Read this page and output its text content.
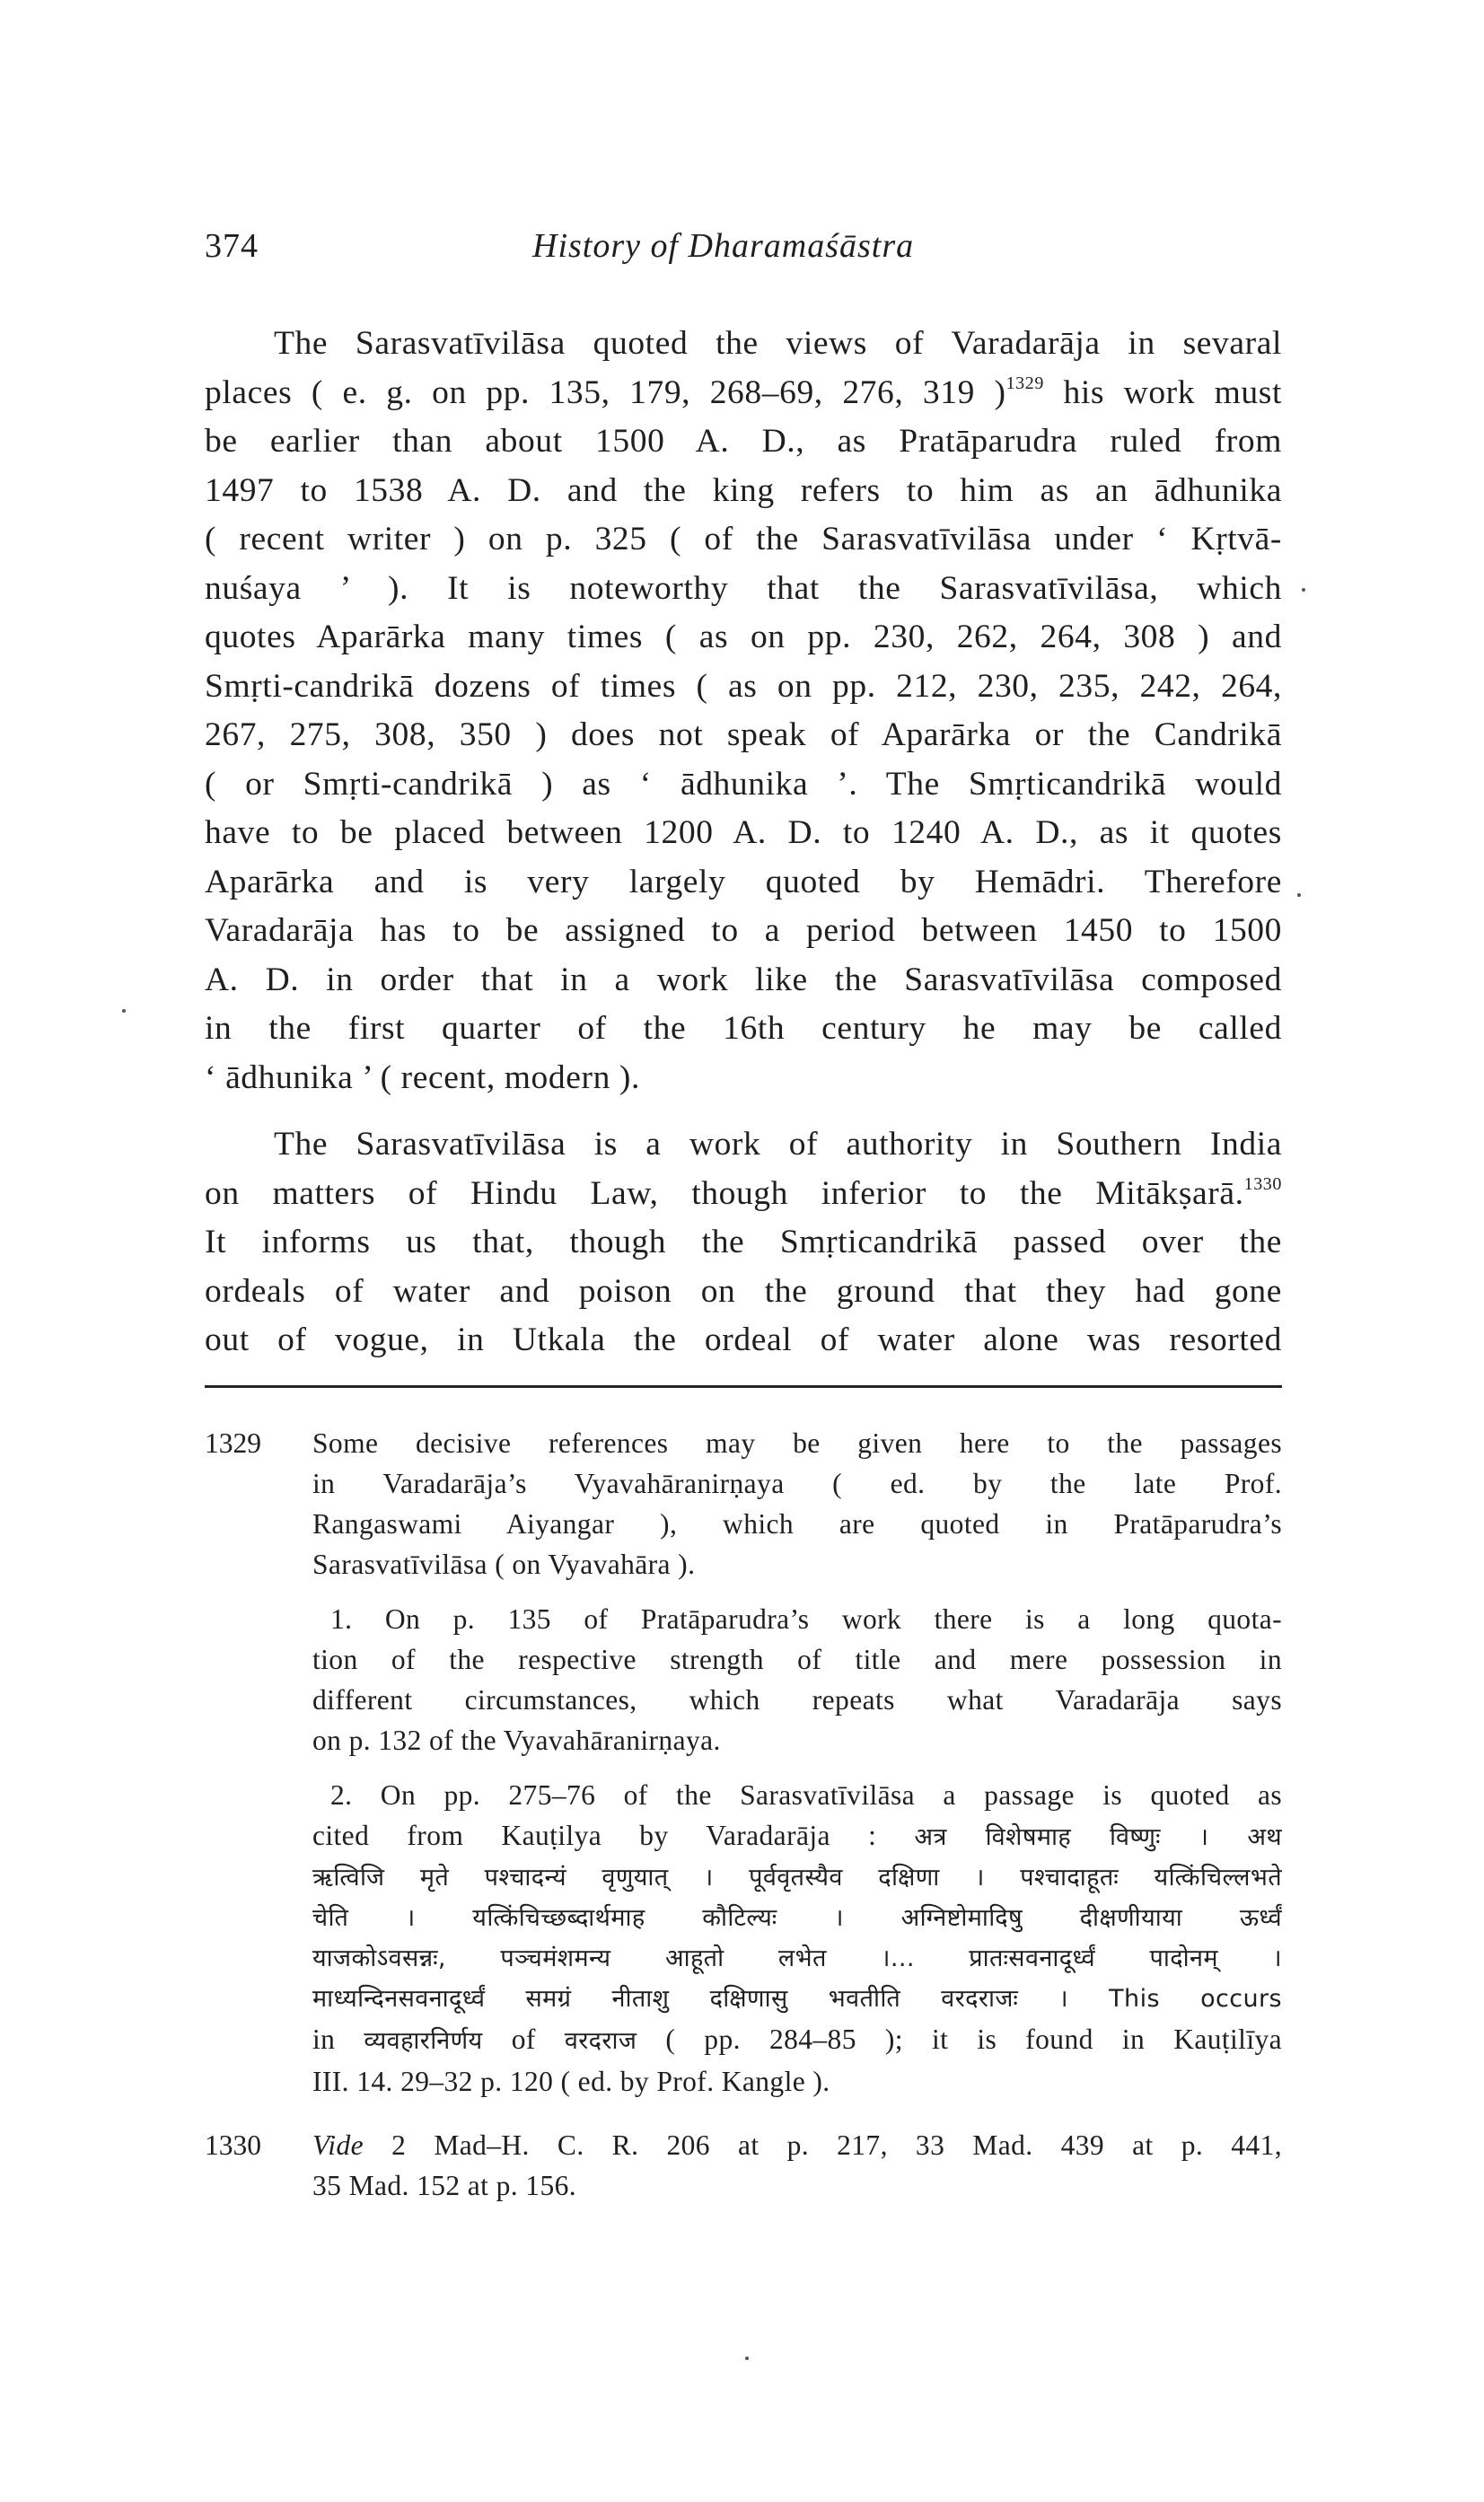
374	History of Dharamaśāstra

The Sarasvatīvilāsa quoted the views of Varadarāja in sevaral
places ( e. g. on pp. 135, 179, 268–69, 276, 319 )$^{1329}$ his work must
be earlier than about 1500 A. D., as Pratāparudra ruled from
1497 to 1538 A. D. and the king refers to him as an ādhunika
( recent writer ) on p. 325 ( of the Sarasvatīvilāsa under ‘ Kṛtvā-
nuśaya ’ ). It is noteworthy that the Sarasvatīvilāsa, which
quotes Aparārka many times ( as on pp. 230, 262, 264, 308 ) and
Smṛti-candrikā dozens of times ( as on pp. 212, 230, 235, 242, 264,
267, 275, 308, 350 ) does not speak of Aparārka or the Candrikā
( or Smṛti-candrikā ) as ‘ ādhunika ’. The Smṛticandrikā would
have to be placed between 1200 A. D. to 1240 A. D., as it quotes
Aparārka and is very largely quoted by Hemādri. Therefore
Varadarāja has to be assigned to a period between 1450 to 1500
A. D. in order that in a work like the Sarasvatīvilāsa composed
in the first quarter of the 16th century he may be called
‘ ādhunika ’ ( recent, modern ).

The Sarasvatīvilāsa is a work of authority in Southern India
on matters of Hindu Law, though inferior to the Mitākṣarā.$^{1330}$
It informs us that, though the Smṛticandrikā passed over the
ordeals of water and poison on the ground that they had gone
out of vogue, in Utkala the ordeal of water alone was resorted

1329 Some decisive references may be given here to the passages
in Varadarāja’s Vyavahāranirṇaya ( ed. by the late Prof.
Rangaswami Aiyangar ), which are quoted in Pratāparudra’s
Sarasvatīvilāsa ( on Vyavahāra ).
1. On p. 135 of Pratāparudra’s work there is a long quota-
tion of the respective strength of title and mere possession in
different circumstances, which repeats what Varadarāja says
on p. 132 of the Vyavahāranirṇaya.
2. On pp. 275–76 of the Sarasvatīvilāsa a passage is quoted as
cited from Kauṭilya by Varadarāja : अत्र विशेषमाह विष्णुः । अथ
ऋत्विजि मृते पश्चादन्यं वृणुयात् । पूर्ववृतस्यैव दक्षिणा । पश्चादाहूतः यत्किंचिल्लभते
चेति । यत्किंचिच्छब्दार्थमाह कौटिल्यः । अग्निष्टोमादिषु दीक्षणीयाया ऊर्ध्वं
याजकोऽवसन्नः, पञ्चमंशमन्य आहूतो लभेत ।... प्रातःसवनादूर्ध्वं पादोनम् ।
माध्यन्दिनसवनादूर्ध्वं समग्रं नीताशु दक्षिणासु भवतीति वरदराजः । This occurs
in व्यवहारनिर्णय of वरदराज ( pp. 284–85 ); it is found in Kauṭilīya
III. 14. 29–32 p. 120 ( ed. by Prof. Kangle ).
1330 Vide 2 Mad–H. C. R. 206 at p. 217, 33 Mad. 439 at p. 441,
35 Mad. 152 at p. 156.
